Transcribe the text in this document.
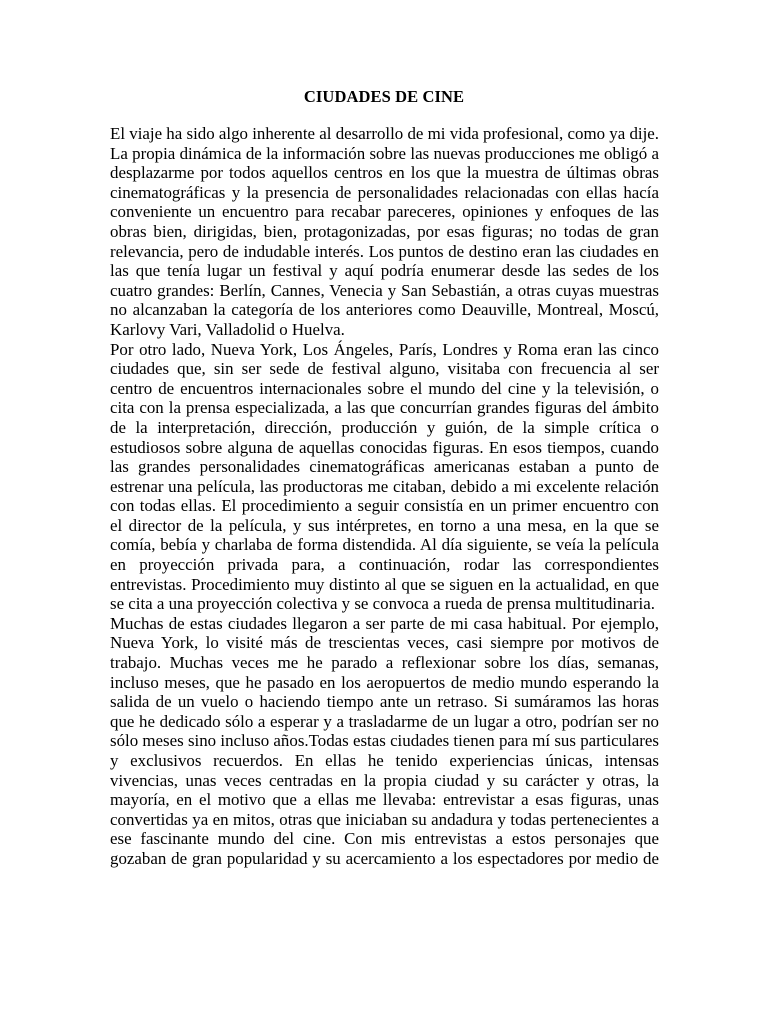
CIUDADES DE CINE

El viaje ha sido algo inherente al desarrollo de mi vida profesional, como ya dije. La propia dinámica de la información sobre las nuevas producciones me obligó a desplazarme por todos aquellos centros en los que la muestra de últimas obras cinematográficas y la presencia de personalidades relacionadas con ellas hacía conveniente un encuentro para recabar pareceres, opiniones y enfoques de las obras bien, dirigidas, bien, protagonizadas, por esas figuras; no todas de gran relevancia, pero de indudable interés. Los puntos de destino eran las ciudades en las que tenía lugar un festival y aquí podría enumerar desde las sedes de los cuatro grandes: Berlín, Cannes, Venecia y San Sebastián, a otras cuyas muestras no alcanzaban la categoría de los anteriores como Deauville, Montreal, Moscú, Karlovy Vari, Valladolid o Huelva.

Por otro lado, Nueva York, Los Ángeles, París, Londres y Roma eran las cinco ciudades que, sin ser sede de festival alguno, visitaba con frecuencia al ser centro de encuentros internacionales sobre el mundo del cine y la televisión, o cita con la prensa especializada, a las que concurrían grandes figuras del ámbito de la interpretación, dirección, producción y guión, de la simple crítica o estudiosos sobre alguna de aquellas conocidas figuras. En esos tiempos, cuando las grandes personalidades cinematográficas americanas estaban a punto de estrenar una película, las productoras me citaban, debido a mi excelente relación con todas ellas. El procedimiento a seguir consistía en un primer encuentro con el director de la película, y sus intérpretes, en torno a una mesa, en la que se comía, bebía y charlaba de forma distendida. Al día siguiente, se veía la película en proyección privada para, a continuación, rodar las correspondientes entrevistas. Procedimiento muy distinto al que se siguen en la actualidad, en que se cita a una proyección colectiva y se convoca a rueda de prensa multitudinaria.

Muchas de estas ciudades llegaron a ser parte de mi casa habitual. Por ejemplo, Nueva York, lo visité más de trescientas veces, casi siempre por motivos de trabajo. Muchas veces me he parado a reflexionar sobre los días, semanas, incluso meses, que he pasado en los aeropuertos de medio mundo esperando la salida de un vuelo o haciendo tiempo ante un retraso. Si sumáramos las horas que he dedicado sólo a esperar y a trasladarme de un lugar a otro, podrían ser no sólo meses sino incluso años.Todas estas ciudades tienen para mí sus particulares y exclusivos recuerdos. En ellas he tenido experiencias únicas, intensas vivencias, unas veces centradas en la propia ciudad y su carácter y otras, la mayoría, en el motivo que a ellas me llevaba: entrevistar a esas figuras, unas convertidas ya en mitos, otras que iniciaban su andadura y todas pertenecientes a ese fascinante mundo del cine. Con mis entrevistas a estos personajes que gozaban de gran popularidad y su acercamiento a los espectadores por medio de
